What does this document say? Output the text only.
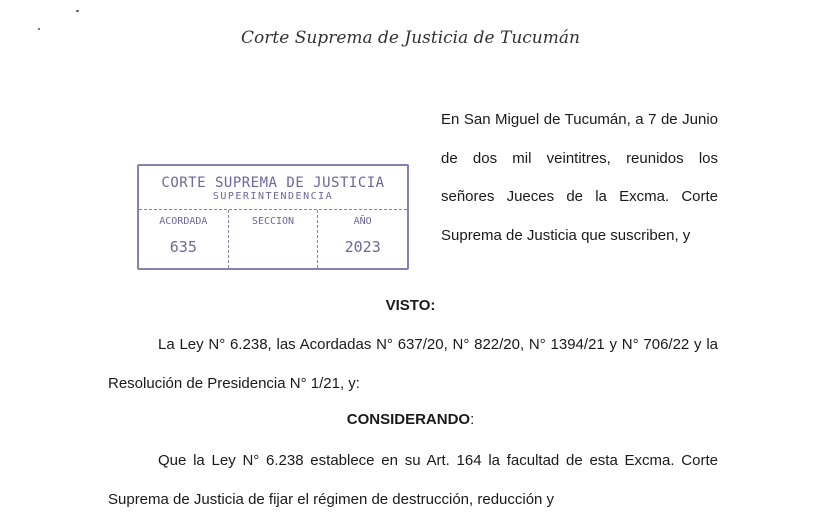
Corte Suprema de Justicia de Tucumán

En San Miguel de Tucumán, a 7 de Junio de dos mil veintitres, reunidos los señores Jueces de la Excma. Corte Suprema de Justicia que suscriben, y

CORTE SUPREMA DE JUSTICIA
SUPERINTENDENCIA
ACORDADA
635
SECCION	AÑO
2023
VISTO:

La Ley N° 6.238, las Acordadas N° 637/20, N° 822/20, N° 1394/21 y N° 706/22 y la Resolución de Presidencia N° 1/21, y:

CONSIDERANDO:

Que la Ley N° 6.238 establece en su Art. 164 la facultad de esta Excma. Corte Suprema de Justicia de fijar el régimen de destrucción, reducción y
